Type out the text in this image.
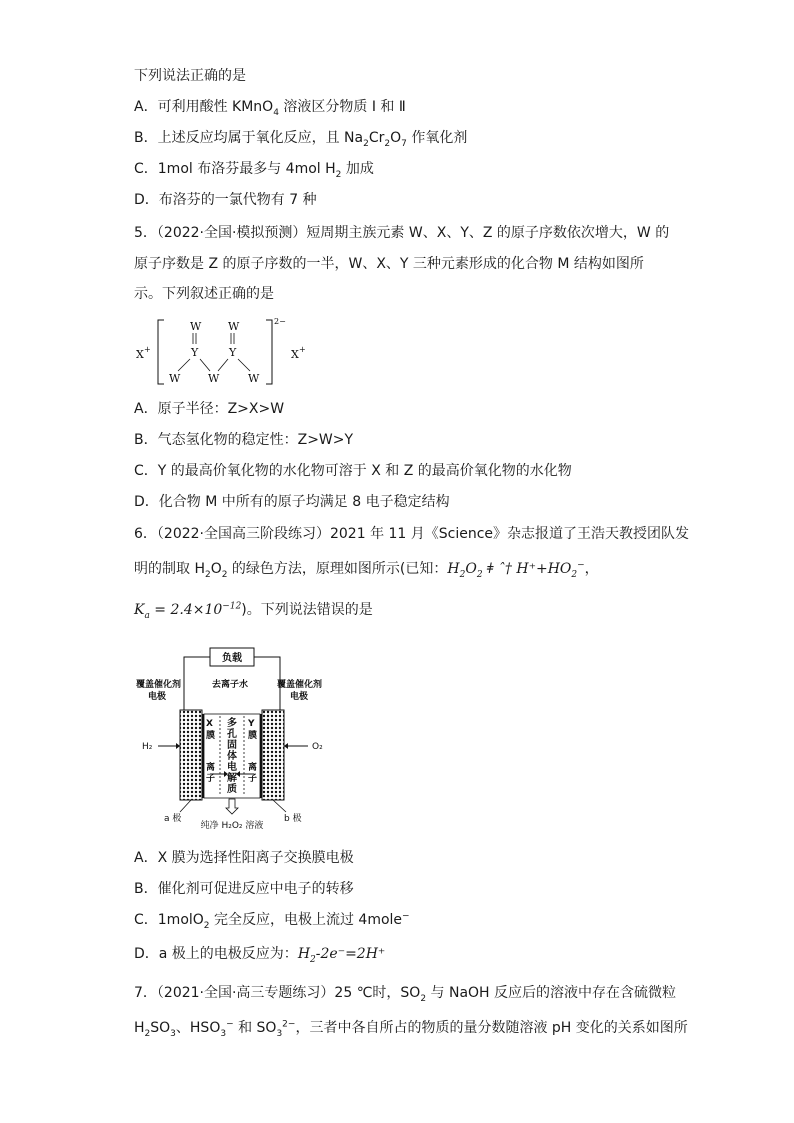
下列说法正确的是
A．可利用酸性 KMnO$_4$ 溶液区分物质 I 和 Ⅱ
B．上述反应均属于氧化反应，且 $Na_2Cr_2O_7$ 作氧化剂
C．1mol 布洛芬最多与 4mol $H_2$ 加成
D．布洛芬的一氯代物有 7 种
5．（2022·全国·模拟预测）短周期主族元素 W、X、Y、Z 的原子序数依次增大，W 的
原子序数是 Z 的原子序数的一半，W、X、Y 三种元素形成的化合物 M 结构如图所
示。下列叙述正确的是
X +
2−
X +
W W
Y	Y
W	W	W
A．原子半径：Z>X>W
B．气态氢化物的稳定性：Z>W>Y
C．Y 的最高价氧化物的水化物可溶于 X 和 Z 的最高价氧化物的水化物
D．化合物 M 中所有的原子均满足 8 电子稳定结构
6．（2022·全国高三阶段练习）2021 年 11 月《Science》杂志报道了王浩天教授团队发
明的制取 $H_2O_2$ 的绿色方法，原理如图所示(已知：$H_2O_2$ ǂ ˆ† $H^++HO_2^-$，
$K_a = 2.4\times 10^{-12}$)。下列说法错误的是
负载
覆盖催化剂
电极
去离子水	覆盖催化剂
电极
X
膜
Y
膜
多
孔
固
体
电
解
质
离
子
离
子
H₂	O₂
a 极	b 极
纯净 H₂O₂ 溶液
A．X 膜为选择性阳离子交换膜电极
B．催化剂可促进反应中电子的转移
C．1molO$_2$ 完全反应，电极上流过 4mole−
D．a 极上的电极反应为：$H_2-2e^-=2H^+$
7．（2021·全国·高三专题练习）25 ℃时，$SO_2$ 与 NaOH 反应后的溶液中存在含硫微粒
$H_2SO_3$、$HSO_3^-$ 和 $SO_3^{2-}$，三者中各自所占的物质的量分数随溶液 pH 变化的关系如图所
